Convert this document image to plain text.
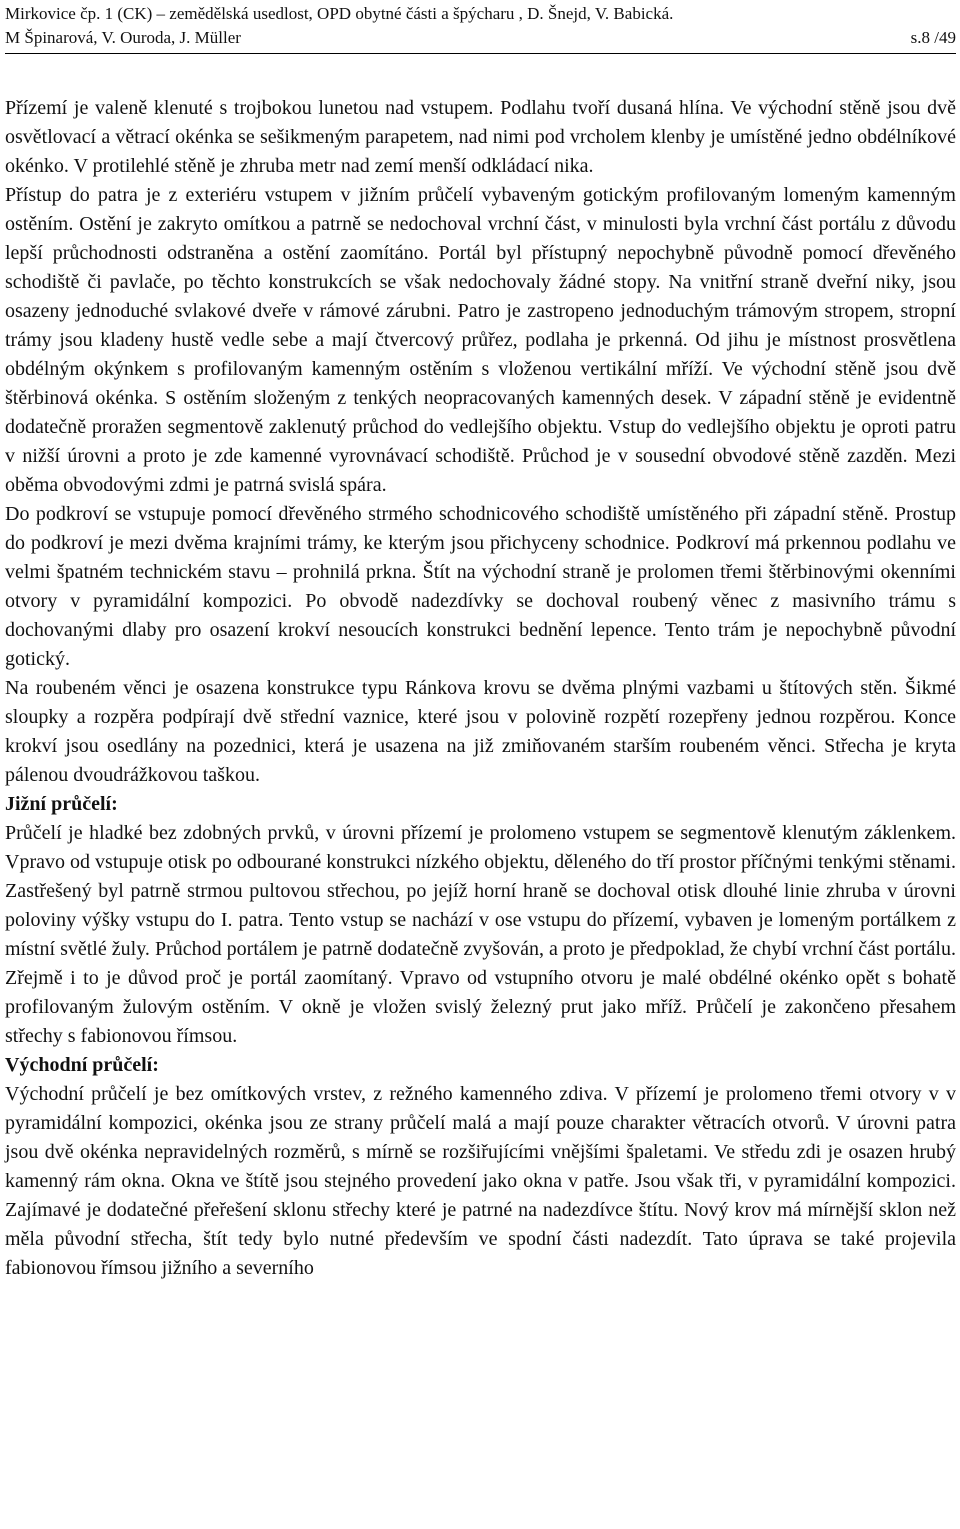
Mirkovice čp. 1 (CK) – zemědělská usedlost, OPD obytné části a špýcharu , D. Šnejd, V. Babická.
M Špinarová, V. Ouroda, J. Müller	s.8 /49

Přízemí je valeně klenuté s trojbokou lunetou nad vstupem. Podlahu tvoří dusaná hlína. Ve východní stěně jsou dvě osvětlovací a větrací okénka se sešikmeným parapetem, nad nimi pod vrcholem klenby je umístěné jedno obdélníkové okénko. V protilehlé stěně je zhruba metr nad zemí menší odkládací nika.

Přístup do patra je z exteriéru vstupem v jižním průčelí vybaveným gotickým profilovaným lomeným kamenným ostěním. Ostění je zakryto omítkou a patrně se nedochoval vrchní část, v minulosti byla vrchní část portálu z důvodu lepší průchodnosti odstraněna a ostění zaomítáno. Portál byl přístupný nepochybně původně pomocí dřevěného schodiště či pavlače, po těchto konstrukcích se však nedochovaly žádné stopy. Na vnitřní straně dveřní niky, jsou osazeny jednoduché svlakové dveře v rámové zárubni. Patro je zastropeno jednoduchým trámovým stropem, stropní trámy jsou kladeny hustě vedle sebe a mají čtvercový průřez, podlaha je prkenná. Od jihu je místnost prosvětlena obdélným okýnkem s profilovaným kamenným ostěním s vloženou vertikální mříží. Ve východní stěně jsou dvě štěrbinová okénka. S ostěním složeným z tenkých neopracovaných kamenných desek. V západní stěně je evidentně dodatečně proražen segmentově zaklenutý průchod do vedlejšího objektu. Vstup do vedlejšího objektu je oproti patru v nižší úrovni a proto je zde kamenné vyrovnávací schodiště. Průchod je v sousední obvodové stěně zazděn. Mezi oběma obvodovými zdmi je patrná svislá spára.

Do podkroví se vstupuje pomocí dřevěného strmého schodnicového schodiště umístěného při západní stěně. Prostup do podkroví je mezi dvěma krajními trámy, ke kterým jsou přichyceny schodnice. Podkroví má prkennou podlahu ve velmi špatném technickém stavu – prohnilá prkna. Štít na východní straně je prolomen třemi štěrbinovými okenními otvory v pyramidální kompozici. Po obvodě nadezdívky se dochoval roubený věnec z masivního trámu s dochovanými dlaby pro osazení krokví nesoucích konstrukci bednění lepence. Tento trám je nepochybně původní gotický.

Na roubeném věnci je osazena konstrukce typu Ránkova krovu se dvěma plnými vazbami u štítových stěn. Šikmé sloupky a rozpěra podpírají dvě střední vaznice, které jsou v polovině rozpětí rozepřeny jednou rozpěrou. Konce krokví jsou osedlány na pozednici, která je usazena na již zmiňovaném starším roubeném věnci. Střecha je kryta pálenou dvoudrážkovou taškou.

Jižní průčelí:

Průčelí je hladké bez zdobných prvků, v úrovni přízemí je prolomeno vstupem se segmentově klenutým záklenkem. Vpravo od vstupuje otisk po odbourané konstrukci nízkého objektu, děleného do tří prostor příčnými tenkými stěnami. Zastřešený byl patrně strmou pultovou střechou, po jejíž horní hraně se dochoval otisk dlouhé linie zhruba v úrovni poloviny výšky vstupu do I. patra. Tento vstup se nachází v ose vstupu do přízemí, vybaven je lomeným portálkem z místní světlé žuly. Průchod portálem je patrně dodatečně zvyšován, a proto je předpoklad, že chybí vrchní část portálu. Zřejmě i to je důvod proč je portál zaomítaný. Vpravo od vstupního otvoru je malé obdélné okénko opět s bohatě profilovaným žulovým ostěním. V okně je vložen svislý železný prut jako mříž. Průčelí je zakončeno přesahem střechy s fabionovou římsou.

Východní průčelí:

Východní průčelí je bez omítkových vrstev, z režného kamenného zdiva. V přízemí je prolomeno třemi otvory v v pyramidální kompozici, okénka jsou ze strany průčelí malá a mají pouze charakter větracích otvorů. V úrovni patra jsou dvě okénka nepravidelných rozměrů, s mírně se rozšiřujícími vnějšími špaletami. Ve středu zdi je osazen hrubý kamenný rám okna. Okna ve štítě jsou stejného provedení jako okna v patře. Jsou však tři, v pyramidální kompozici. Zajímavé je dodatečné přeřešení sklonu střechy které je patrné na nadezdívce štítu. Nový krov má mírnější sklon než měla původní střecha, štít tedy bylo nutné především ve spodní části nadezdít. Tato úprava se také projevila fabionovou římsou jižního a severního
